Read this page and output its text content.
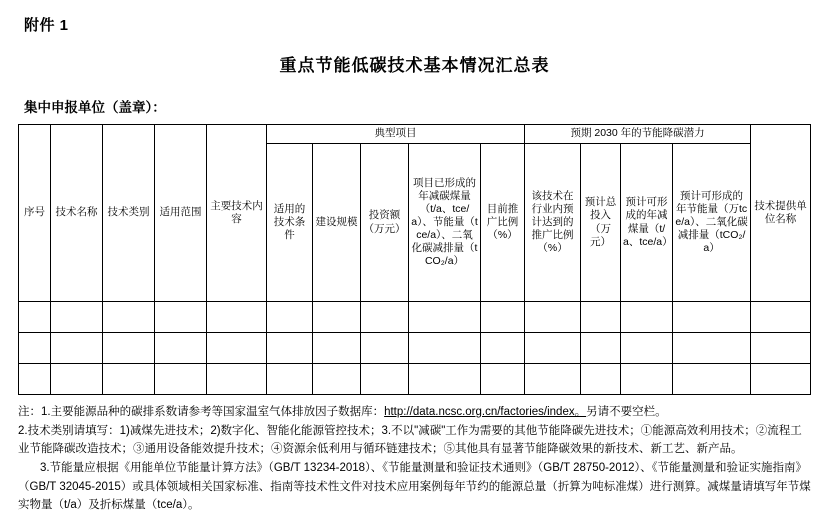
附件 1
重点节能低碳技术基本情况汇总表
集中申报单位（盖章）：
序号	技术名称	技术类别	适用范围	主要技术内容	典型项目					预期 2030 年的节能降碳潜力				技术提供单位名称

					适用的技术条件	建设规模	投资额（万元）	项目已形成的年减碳煤量（t/a、tce/a）、节能量（tce/a）、二氧化碳减排量（tCO₂/a）	目前推广比例（%）	该技术在行业内预计达到的推广比例（%）	预计总投入（万元）	预计可形成的年减煤量（t/a、tce/a）	预计可形成的年节能量（万tce/a）、二氧化碳减排量（tCO₂/a）	

注：1.主要能源品种的碳排系数请参考等国家温室气体排放因子数据库：http://data.ncsc.org.cn/factories/index。另请不要空栏。

2.技术类别请填写：1)减煤先进技术；2)数字化、智能化能源管控技术；3.不以"减碳"工作为需要的其他节能降碳先进技术；①能源高效利用技术；②流程工业节能降碳改造技术；③通用设备能效提升技术；④资源余低利用与循环链建技术；⑤其他具有显著节能降碳效果的新技术、新工艺、新产品。

3.节能量应根据《用能单位节能量计算方法》（GB/T 13234-2018）、《节能量测量和验证技术通则》（GB/T 28750-2012）、《节能量测量和验证实施指南》（GB/T 32045-2015）或具体领域相关国家标准、指南等技术性文件对技术应用案例每年节约的能源总量（折算为吨标准煤）进行测算。减煤量请填写年节煤实物量（t/a）及折标煤量（tce/a）。
